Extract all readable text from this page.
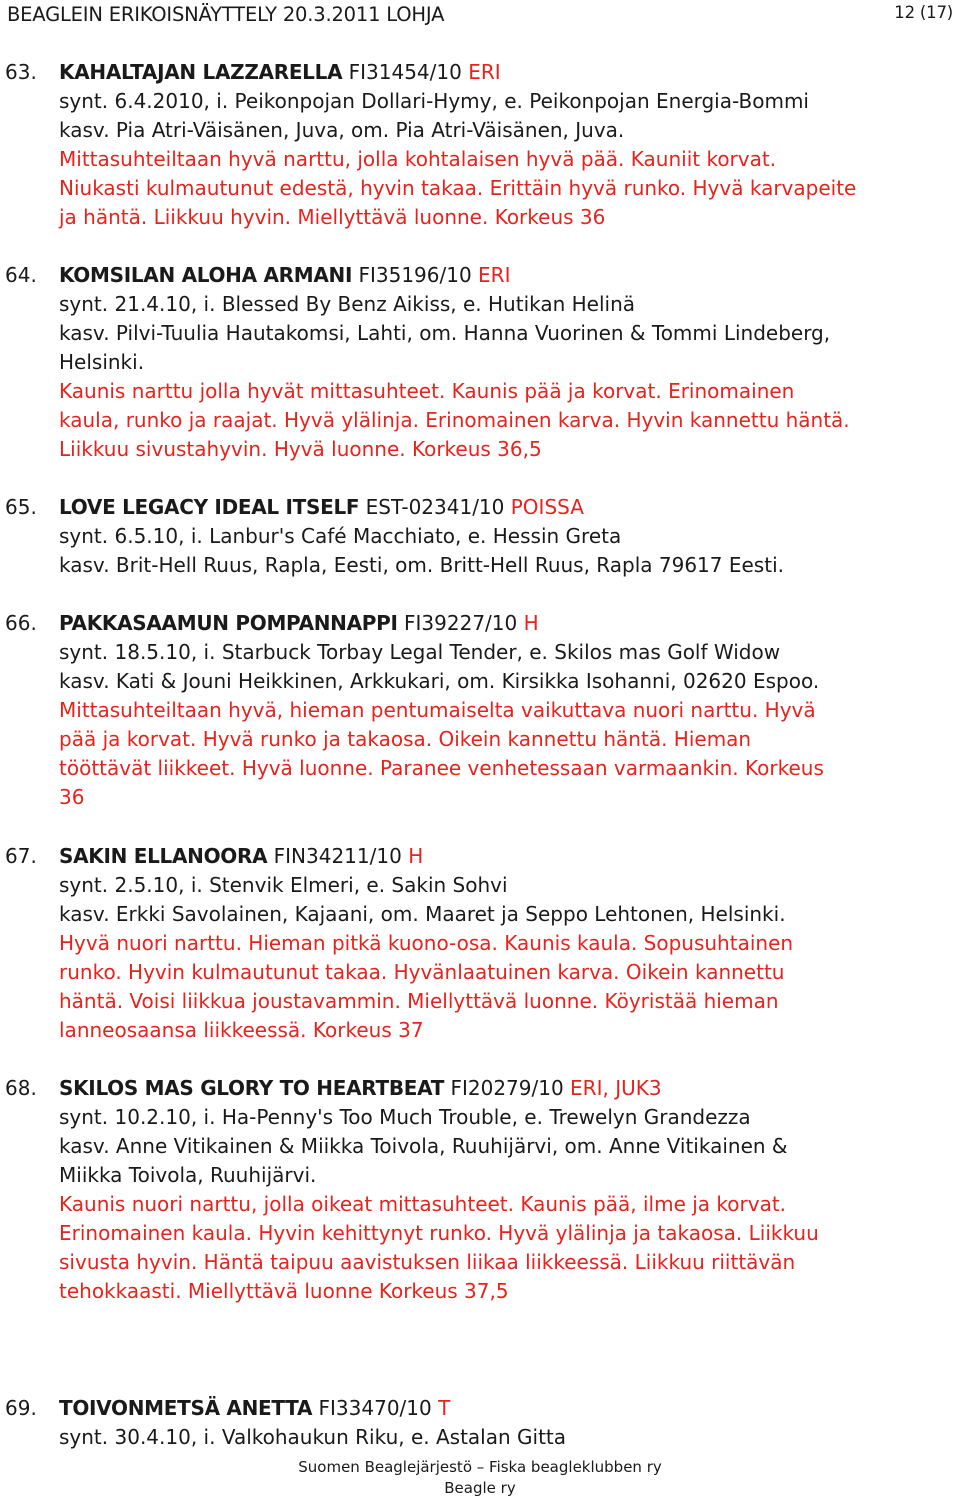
BEAGLEIN ERIKOISNÄYTTELY 20.3.2011 LOHJA	12 (17)
63. KAHALTAJAN LAZZARELLA FI31454/10 ERI
synt. 6.4.2010, i. Peikonpojan Dollari-Hymy, e. Peikonpojan Energia-Bommi
kasv. Pia Atri-Väisänen, Juva, om. Pia Atri-Väisänen, Juva.
Mittasuhteiltaan hyvä narttu, jolla kohtalaisen hyvä pää. Kauniit korvat.
Niukasti kulmautunut edestä, hyvin takaa. Erittäin hyvä runko. Hyvä karvapeite
ja häntä. Liikkuu hyvin. Miellyttävä luonne. Korkeus 36
64. KOMSILAN ALOHA ARMANI FI35196/10 ERI
synt. 21.4.10, i. Blessed By Benz Aikiss, e. Hutikan Helinä
kasv. Pilvi-Tuulia Hautakomsi, Lahti, om. Hanna Vuorinen & Tommi Lindeberg,
Helsinki.
Kaunis narttu jolla hyvät mittasuhteet. Kaunis pää ja korvat. Erinomainen
kaula, runko ja raajat. Hyvä ylälinja. Erinomainen karva. Hyvin kannettu häntä.
Liikkuu sivustahyvin. Hyvä luonne. Korkeus 36,5
65. LOVE LEGACY IDEAL ITSELF EST-02341/10 POISSA
synt. 6.5.10, i. Lanbur's Café Macchiato, e. Hessin Greta
kasv. Brit-Hell Ruus, Rapla, Eesti, om. Britt-Hell Ruus, Rapla 79617 Eesti.
66. PAKKASAAMUN POMPANNAPPI FI39227/10 H
synt. 18.5.10, i. Starbuck Torbay Legal Tender, e. Skilos mas Golf Widow
kasv. Kati & Jouni Heikkinen, Arkkukari, om. Kirsikka Isohanni, 02620 Espoo.
Mittasuhteiltaan hyvä, hieman pentumaiselta vaikuttava nuori narttu. Hyvä
pää ja korvat. Hyvä runko ja takaosa. Oikein kannettu häntä. Hieman
tööttävät liikkeet. Hyvä luonne. Paranee venhetessaan varmaankin. Korkeus
36
67. SAKIN ELLANOORA FIN34211/10 H
synt. 2.5.10, i. Stenvik Elmeri, e. Sakin Sohvi
kasv. Erkki Savolainen, Kajaani, om. Maaret ja Seppo Lehtonen, Helsinki.
Hyvä nuori narttu. Hieman pitkä kuono-osa. Kaunis kaula. Sopusuhtainen
runko. Hyvin kulmautunut takaa. Hyvänlaatuinen karva. Oikein kannettu
häntä. Voisi liikkua joustavammin. Miellyttävä luonne. Köyristää hieman
lanneosaansa liikkeessä. Korkeus 37
68. SKILOS MAS GLORY TO HEARTBEAT FI20279/10 ERI, JUK3
synt. 10.2.10, i. Ha-Penny's Too Much Trouble, e. Trewelyn Grandezza
kasv. Anne Vitikainen & Miikka Toivola, Ruuhijärvi, om. Anne Vitikainen &
Miikka Toivola, Ruuhijärvi.
Kaunis nuori narttu, jolla oikeat mittasuhteet. Kaunis pää, ilme ja korvat.
Erinomainen kaula. Hyvin kehittynyt runko. Hyvä ylälinja ja takaosa. Liikkuu
sivusta hyvin. Häntä taipuu aavistuksen liikaa liikkeessä. Liikkuu riittävän
tehokkaasti. Miellyttävä luonne Korkeus 37,5
69. TOIVONMETSÄ ANETTA FI33470/10 T
synt. 30.4.10, i. Valkohaukun Riku, e. Astalan Gitta
Suomen Beaglejärjestö – Fiska beagleklubben ry
Beagle ry
